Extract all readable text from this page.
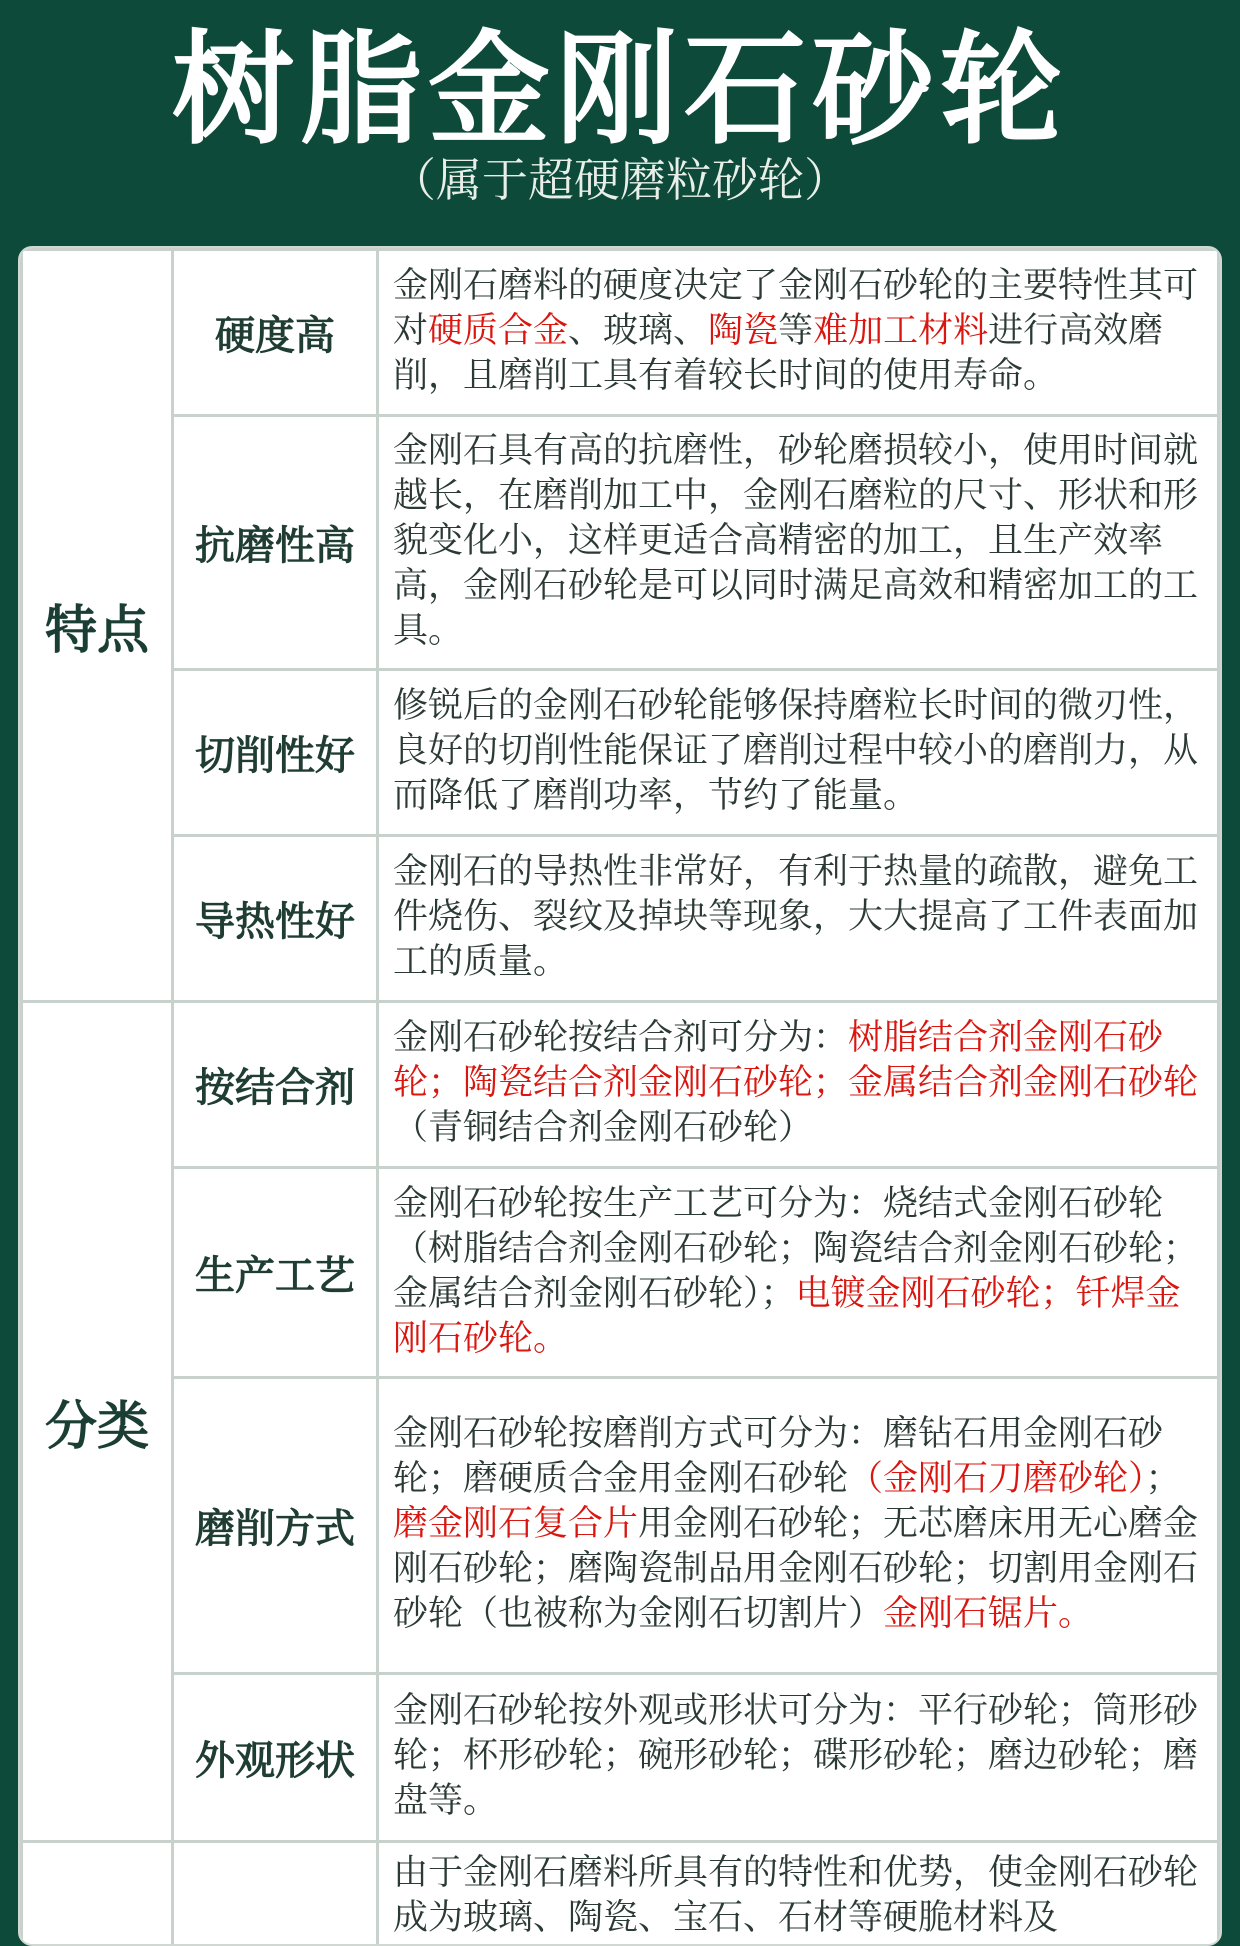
树脂金刚石砂轮
（属于超硬磨粒砂轮）
特点	硬度高	金刚石磨料的硬度决定了金刚石砂轮的主要特性其可对硬质合金、玻璃、陶瓷等难加工材料进行高效磨削，且磨削工具有着较长时间的使用寿命。
	抗磨性高	金刚石具有高的抗磨性，砂轮磨损较小，使用时间就越长，在磨削加工中，金刚石磨粒的尺寸、形状和形貌变化小，这样更适合高精密的加工，且生产效率高，金刚石砂轮是可以同时满足高效和精密加工的工具。
	切削性好	修锐后的金刚石砂轮能够保持磨粒长时间的微刃性，良好的切削性能保证了磨削过程中较小的磨削力，从而降低了磨削功率，节约了能量。
	导热性好	金刚石的导热性非常好，有利于热量的疏散，避免工件烧伤、裂纹及掉块等现象，大大提高了工件表面加工的质量。
分类	按结合剂	金刚石砂轮按结合剂可分为：树脂结合剂金刚石砂轮；陶瓷结合剂金刚石砂轮；金属结合剂金刚石砂轮（青铜结合剂金刚石砂轮）
	生产工艺	金刚石砂轮按生产工艺可分为：烧结式金刚石砂轮（树脂结合剂金刚石砂轮；陶瓷结合剂金刚石砂轮；金属结合剂金刚石砂轮）；电镀金刚石砂轮；钎焊金刚石砂轮。
	磨削方式	金刚石砂轮按磨削方式可分为：磨钻石用金刚石砂轮；磨硬质合金用金刚石砂轮（金刚石刀磨砂轮）；磨金刚石复合片用金刚石砂轮；无芯磨床用无心磨金刚石砂轮；磨陶瓷制品用金刚石砂轮；切割用金刚石砂轮（也被称为金刚石切割片）金刚石锯片。
	外观形状	金刚石砂轮按外观或形状可分为：平行砂轮；筒形砂轮；杯形砂轮；碗形砂轮；碟形砂轮；磨边砂轮；磨盘等。
		由于金刚石磨料所具有的特性和优势，使金刚石砂轮成为玻璃、陶瓷、宝石、石材等硬脆材料及
